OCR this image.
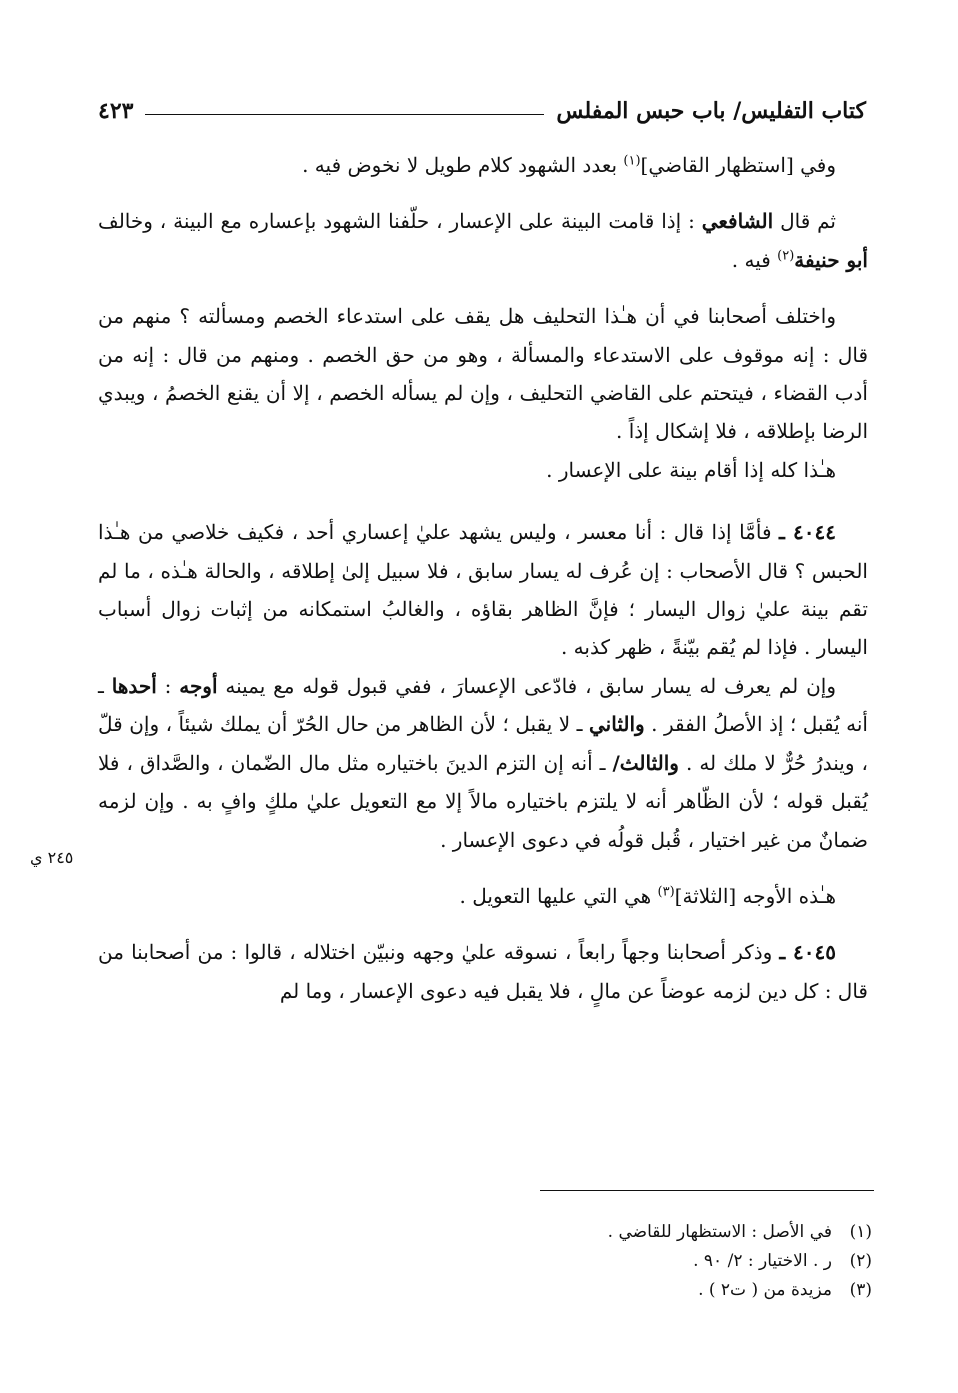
كتاب التفليس/ باب حبس المفلس
٤٢٣

وفي [استظهار القاضي]$^{(١)}$ بعدد الشهود كلام طويل لا نخوض فيه .

ثم قال الشافعي : إذا قامت البينة على الإعسار ، حلّفنا الشهود بإعساره مع البينة ، وخالف أبو حنيفة$^{(٢)}$ فيه .

واختلف أصحابنا في أن هـٰذا التحليف هل يقف على استدعاء الخصم ومسألته ؟ منهم من قال : إنه موقوف على الاستدعاء والمسألة ، وهو من حق الخصم . ومنهم من قال : إنه من أدب القضاء ، فيتحتم على القاضي التحليف ، وإن لم يسأله الخصم ، إلا أن يقنع الخصمُ ، ويبدي الرضا بإطلاقه ، فلا إشكال إذاً .

هـٰذا كله إذا أقام بينة على الإعسار .

٤٠٤٤ ـ فأمَّا إذا قال : أنا معسر ، وليس يشهد عليٰ إعساري أحد ، فكيف خلاصي من هـٰذا الحبس ؟ قال الأصحاب : إن عُرف له يسار سابق ، فلا سبيل إلىٰ إطلاقه ، والحالة هـٰذه ، ما لم تقم بينة عليٰ زوال اليسار ؛ فإنَّ الظاهر بقاؤه ، والغالبُ استمكانه من إثبات زوال أسباب اليسار . فإذا لم يُقم بيّنةً ، ظهر كذبه .

وإن لم يعرف له يسار سابق ، فادّعى الإعسارَ ، ففي قبول قوله مع يمينه أوجه : أحدها ـ أنه يُقبل ؛ إذ الأصلُ الفقر . والثاني ـ لا يقبل ؛ لأن الظاهر من حال الحُرّ أن يملك شيئاً ، وإن قلّ ، ويندرُ حُرٌّ لا ملك له . والثالث/ ـ أنه إن التزم الدينَ باختياره مثل مال الضّمان ، والصَّداق ، فلا يُقبل قوله ؛ لأن الظّاهر أنه لا يلتزم باختياره مالاً إلا مع التعويل عليٰ ملكٍ وافٍ به . وإن لزمه ضمانٌ من غير اختيار ، قُبل قولُه في دعوى الإعسار .

هـٰذه الأوجه [الثلاثة]$^{(٣)}$ هي التي عليها التعويل .

٤٠٤٥ ـ وذكر أصحابنا وجهاً رابعاً ، نسوقه عليٰ وجهه ونبيّن اختلاله ، قالوا : من أصحابنا من قال : كل دين لزمه عوضاً عن مالٍ ، فلا يقبل فيه دعوى الإعسار ، وما لم

٢٤٥ ي
(١)في الأصل : الاستظهار للقاضي .
(٢)ر . الاختيار : ٢/ ٩٠ .
(٣)مزيدة من ( ت٢ ) .
